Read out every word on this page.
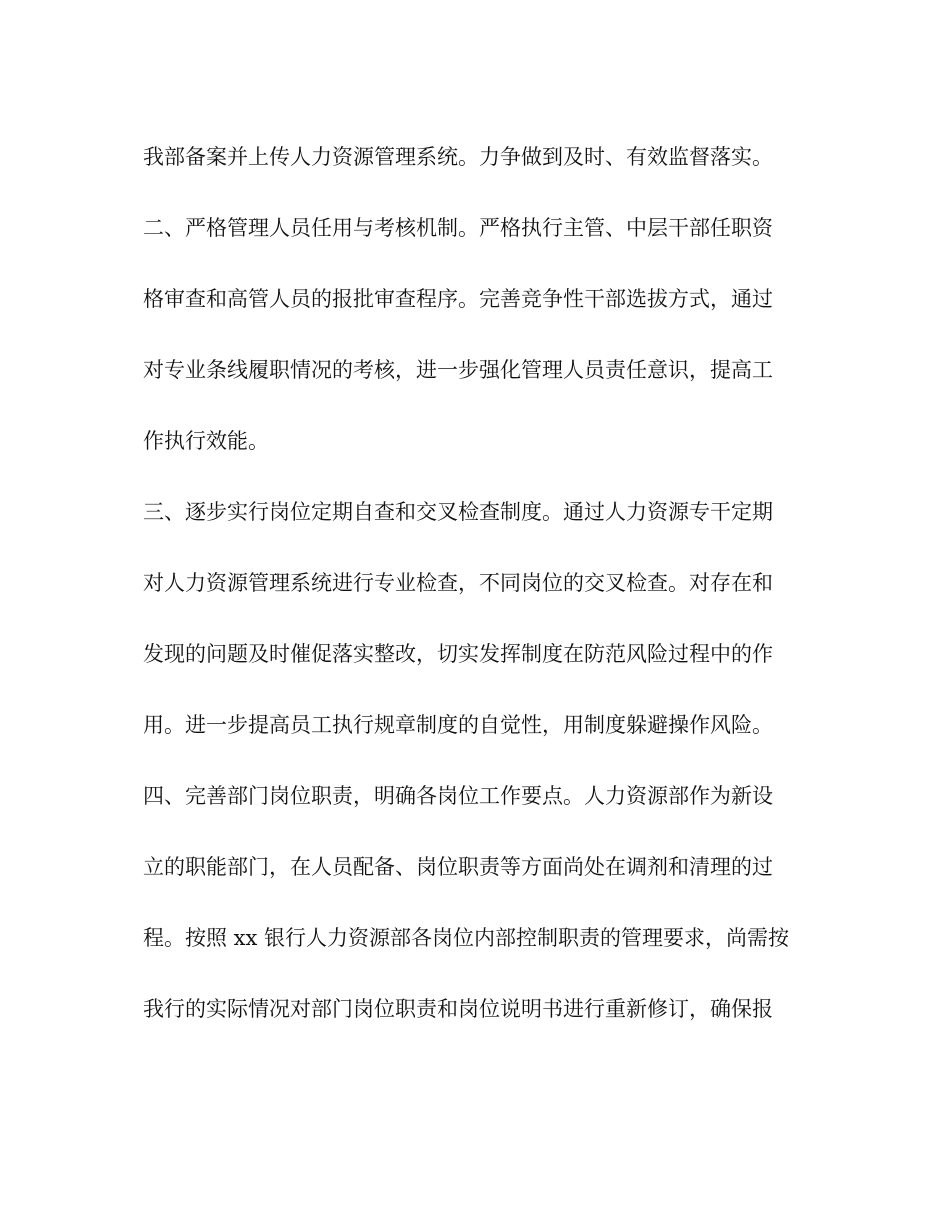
我部备案并上传人力资源管理系统。力争做到及时、有效监督落实。
二、严格管理人员任用与考核机制。严格执行主管、中层干部任职资
格审查和高管人员的报批审查程序。完善竞争性干部选拔方式，通过
对专业条线履职情况的考核，进一步强化管理人员责任意识，提高工
作执行效能。
三、逐步实行岗位定期自查和交叉检查制度。通过人力资源专干定期
对人力资源管理系统进行专业检查，不同岗位的交叉检查。对存在和
发现的问题及时催促落实整改，切实发挥制度在防范风险过程中的作
用。进一步提高员工执行规章制度的自觉性，用制度躲避操作风险。
四、完善部门岗位职责，明确各岗位工作要点。人力资源部作为新设
立的职能部门，在人员配备、岗位职责等方面尚处在调剂和清理的过
程。按照 xx 银行人力资源部各岗位内部控制职责的管理要求，尚需按
我行的实际情况对部门岗位职责和岗位说明书进行重新修订，确保报
